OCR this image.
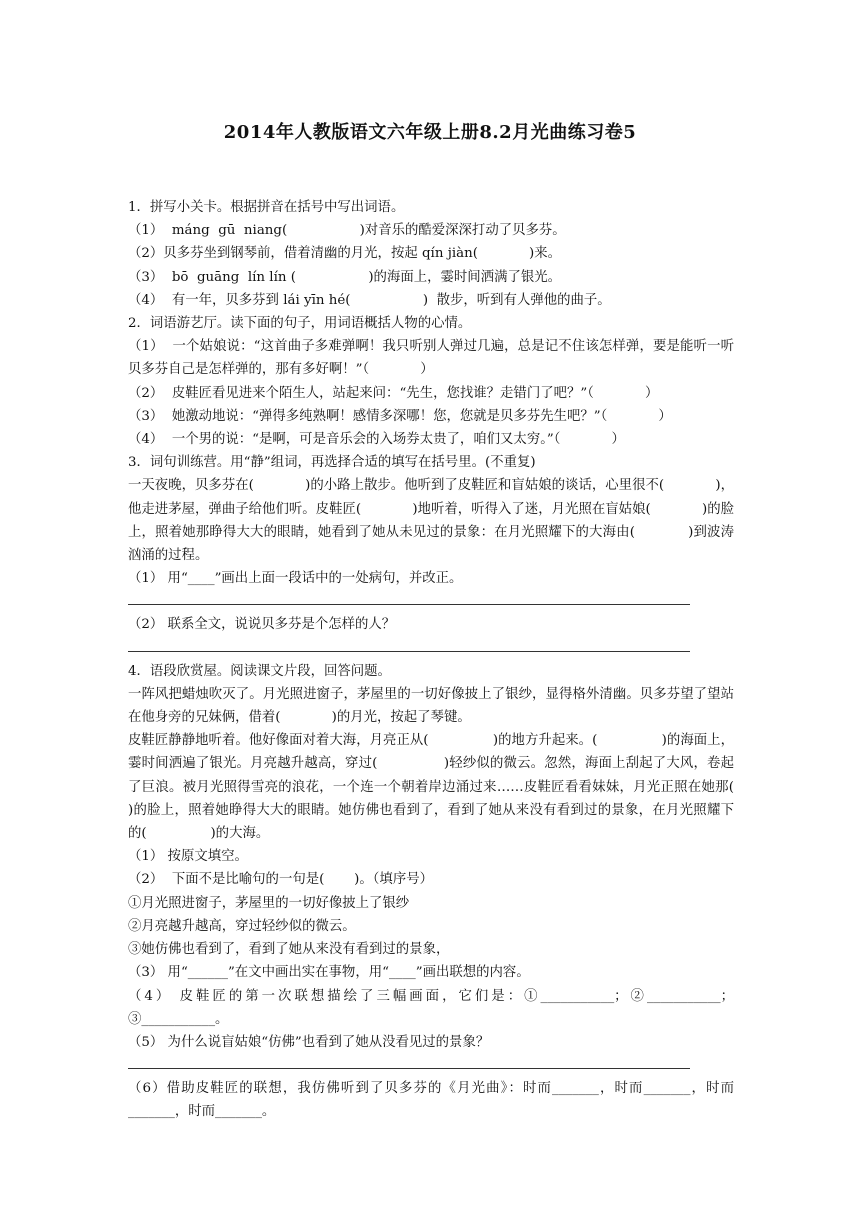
2014年人教版语文六年级上册8.2月光曲练习卷5
1．拼写小关卡。根据拼音在括号中写出词语。
（1）  máng  gū  niang(                 )对音乐的酷爱深深打动了贝多芬。
（2）贝多芬坐到钢琴前，借着清幽的月光，按起 qín jiàn(            )来。
（3）  bō  guāng  lín lín (                 )的海面上，霎时间洒满了银光。
（4）  有一年，贝多芬到 lái yīn hé(                 )  散步，听到有人弹他的曲子。
2．词语游艺厅。读下面的句子，用词语概括人物的心情。
（1）  一个姑娘说：“这首曲子多难弹啊！我只听别人弹过几遍，总是记不住该怎样弹，要是能听一听贝多芬自己是怎样弹的，那有多好啊！”（            ）
（2）  皮鞋匠看见进来个陌生人，站起来问：“先生，您找谁？走错门了吧？”（            ）
（3）  她激动地说：“弹得多纯熟啊！感情多深哪！您，您就是贝多芬先生吧？”（            ）
（4）  一个男的说：“是啊，可是音乐会的入场券太贵了，咱们又太穷。”（            ）
3．词句训练营。用“静”组词，再选择合适的填写在括号里。(不重复)
一天夜晚，贝多芬在(            )的小路上散步。他听到了皮鞋匠和盲姑娘的谈话，心里很不(            )，他走进茅屋，弹曲子给他们听。皮鞋匠(            )地听着，听得入了迷，月光照在盲姑娘(            )的脸上，照着她那睁得大大的眼睛，她看到了她从未见过的景象：在月光照耀下的大海由(            )到波涛汹涌的过程。
（1） 用“____”画出上面一段话中的一处病句，并改正。
（2） 联系全文，说说贝多芬是个怎样的人？
4．语段欣赏屋。阅读课文片段，回答问题。
一阵风把蜡烛吹灭了。月光照进窗子，茅屋里的一切好像披上了银纱，显得格外清幽。贝多芬望了望站在他身旁的兄妹俩，借着(            )的月光，按起了琴键。
皮鞋匠静静地听着。他好像面对着大海，月亮正从(               )的地方升起来。(               )的海面上，霎时间洒遍了银光。月亮越升越高，穿过(               )轻纱似的微云。忽然，海面上刮起了大风，卷起了巨浪。被月光照得雪亮的浪花，一个连一个朝着岸边涌过来……皮鞋匠看看妹妹，月光正照在她那(            )的脸上，照着她睁得大大的眼睛。她仿佛也看到了，看到了她从来没有看到过的景象，在月光照耀下的(               )的大海。
（1） 按原文填空。
（2）  下面不是比喻句的一句是(       )。（填序号）
①月光照进窗子，茅屋里的一切好像披上了银纱
②月亮越升越高，穿过轻纱似的微云。
③她仿佛也看到了，看到了她从来没有看到过的景象，
（3） 用“______”在文中画出实在事物，用“____”画出联想的内容。
（4） 皮鞋匠的第一次联想描绘了三幅画面，它们是：①___________；②___________；③___________。
（5） 为什么说盲姑娘“仿佛”也看到了她从没看见过的景象？
（6）借助皮鞋匠的联想，我仿佛听到了贝多芬的《月光曲》：时而_______，时而_______，时而_______，时而_______。
